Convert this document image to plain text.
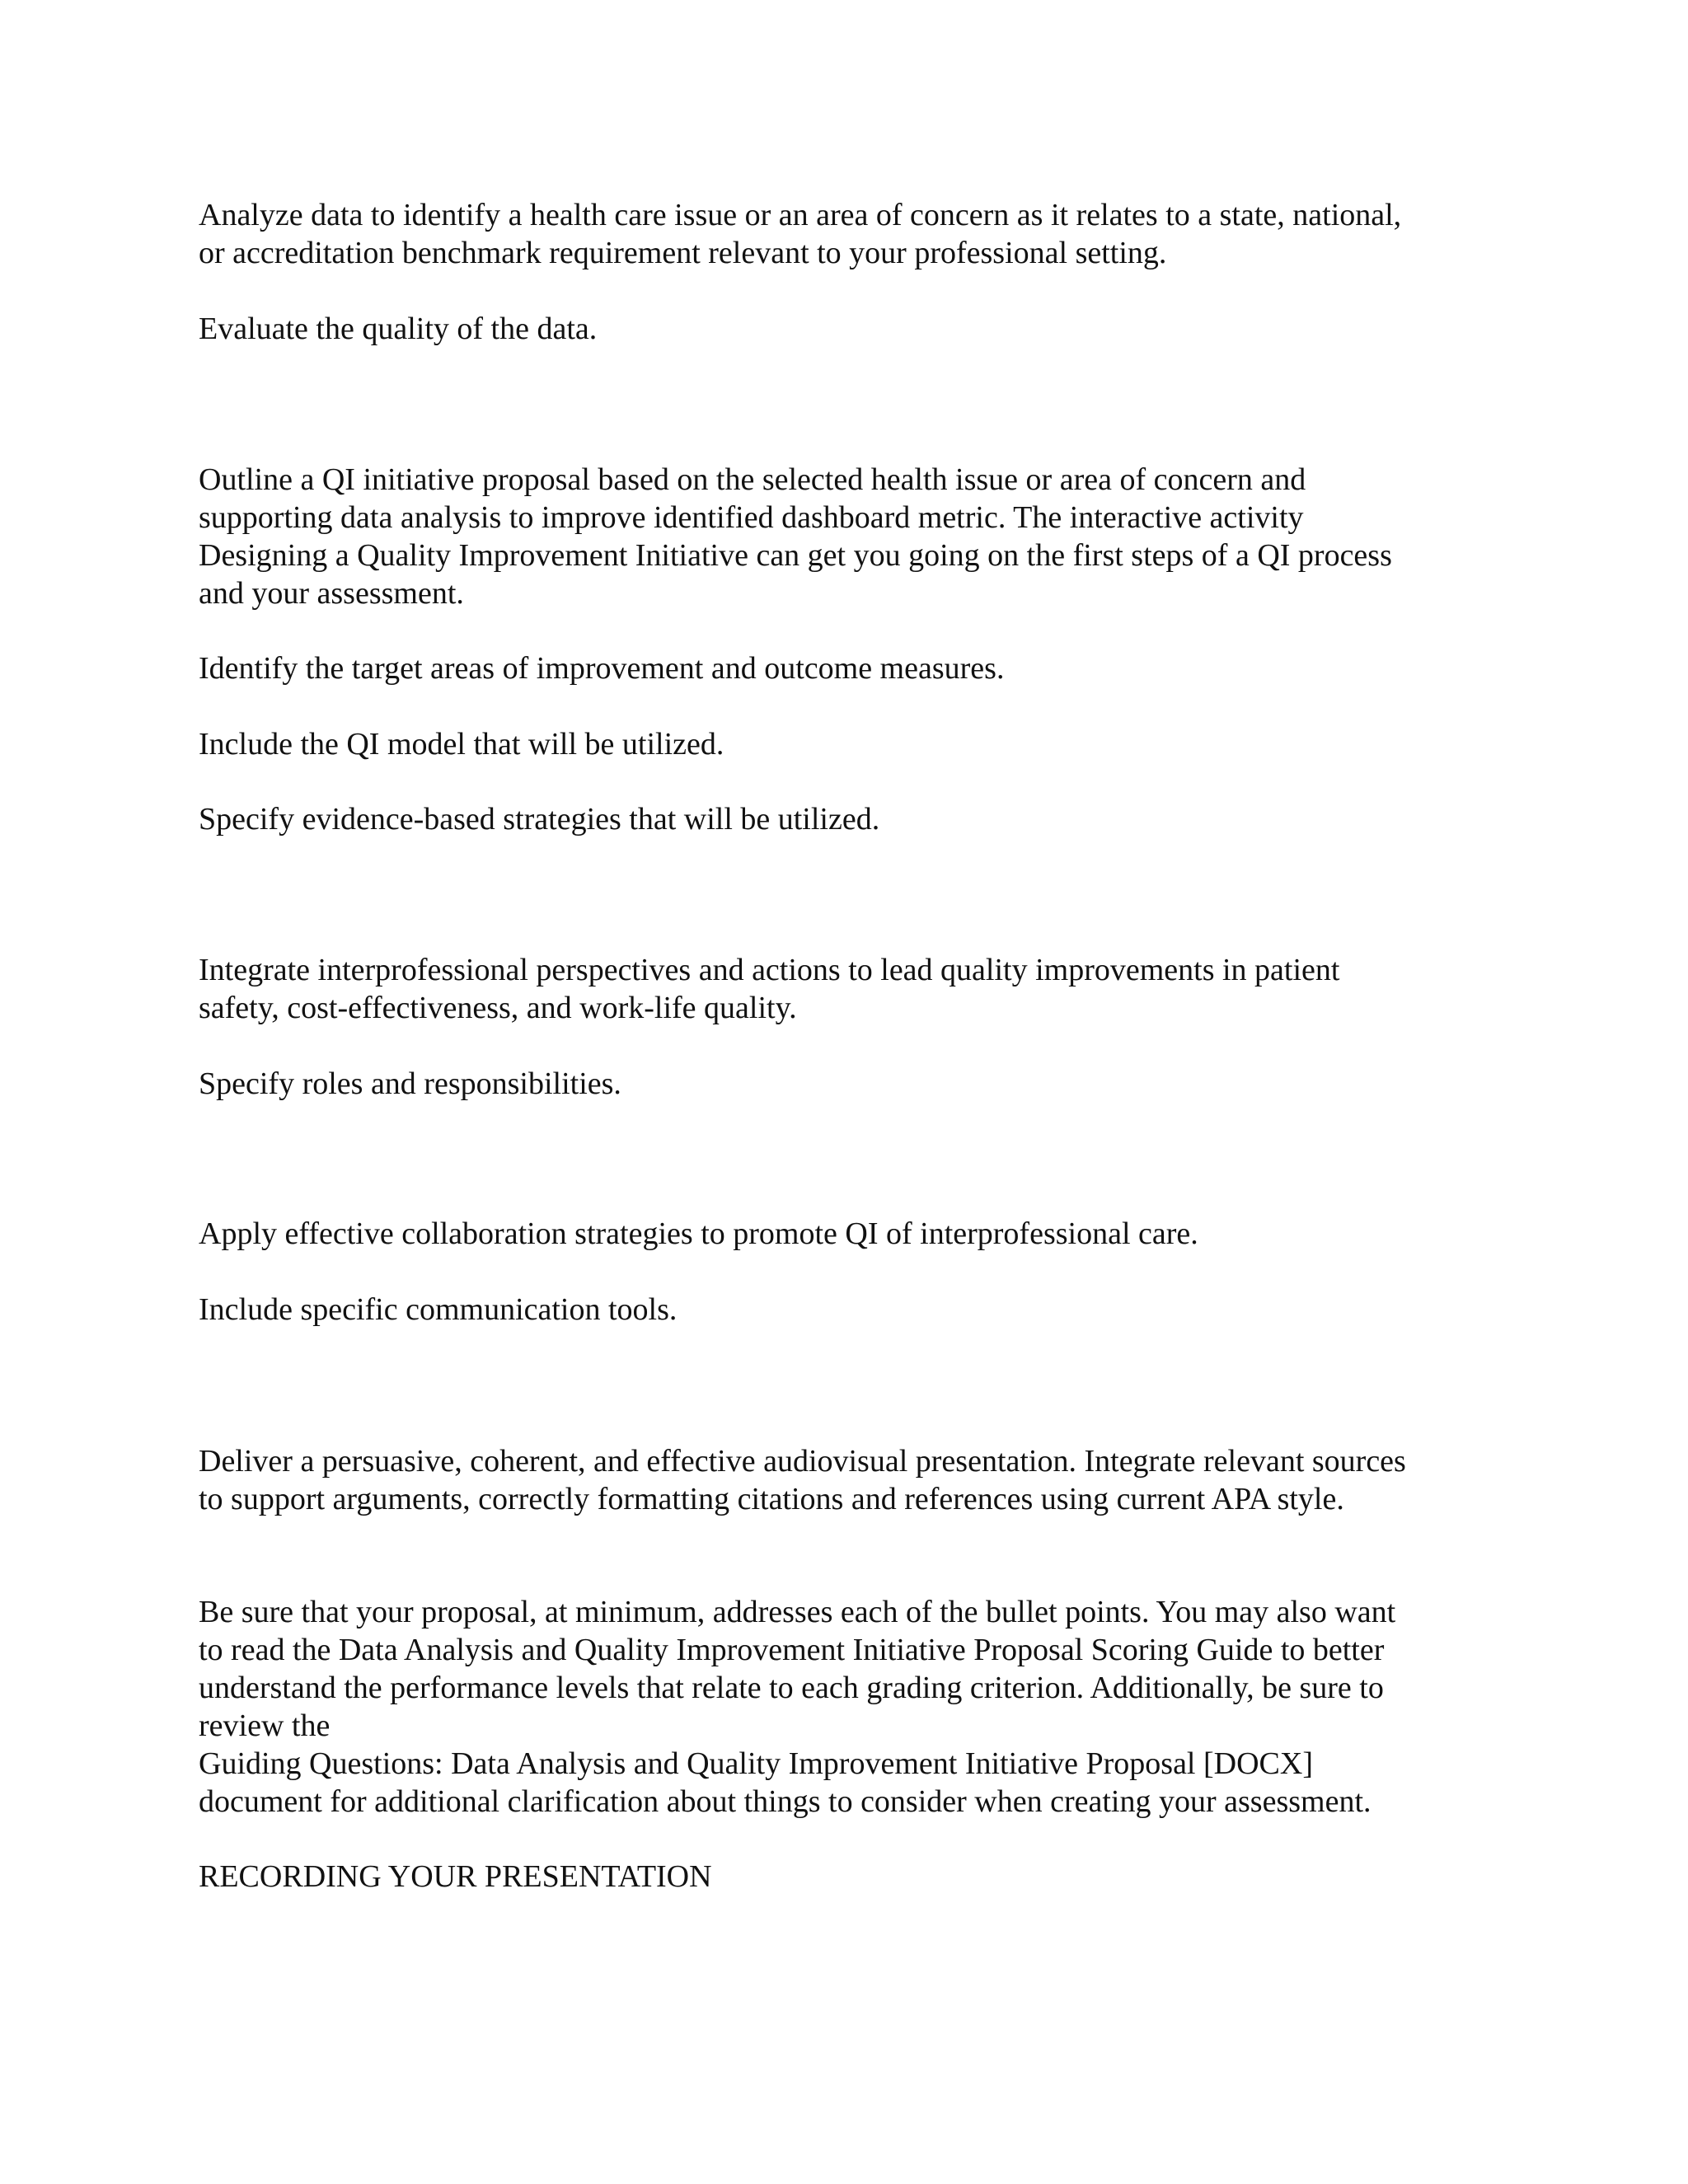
Analyze data to identify a health care issue or an area of concern as it relates to a state, national,
or accreditation benchmark requirement relevant to your professional setting.

Evaluate the quality of the data.

Outline a QI initiative proposal based on the selected health issue or area of concern and
supporting data analysis to improve identified dashboard metric. The interactive activity
Designing a Quality Improvement Initiative can get you going on the first steps of a QI process
and your assessment.

Identify the target areas of improvement and outcome measures.

Include the QI model that will be utilized.

Specify evidence-based strategies that will be utilized.

Integrate interprofessional perspectives and actions to lead quality improvements in patient
safety, cost-effectiveness, and work-life quality.

Specify roles and responsibilities.

Apply effective collaboration strategies to promote QI of interprofessional care.

Include specific communication tools.

Deliver a persuasive, coherent, and effective audiovisual presentation. Integrate relevant sources
to support arguments, correctly formatting citations and references using current APA style.

Be sure that your proposal, at minimum, addresses each of the bullet points. You may also want
to read the Data Analysis and Quality Improvement Initiative Proposal Scoring Guide to better
understand the performance levels that relate to each grading criterion. Additionally, be sure to
review the
Guiding Questions: Data Analysis and Quality Improvement Initiative Proposal [DOCX]
document for additional clarification about things to consider when creating your assessment.

RECORDING YOUR PRESENTATION
